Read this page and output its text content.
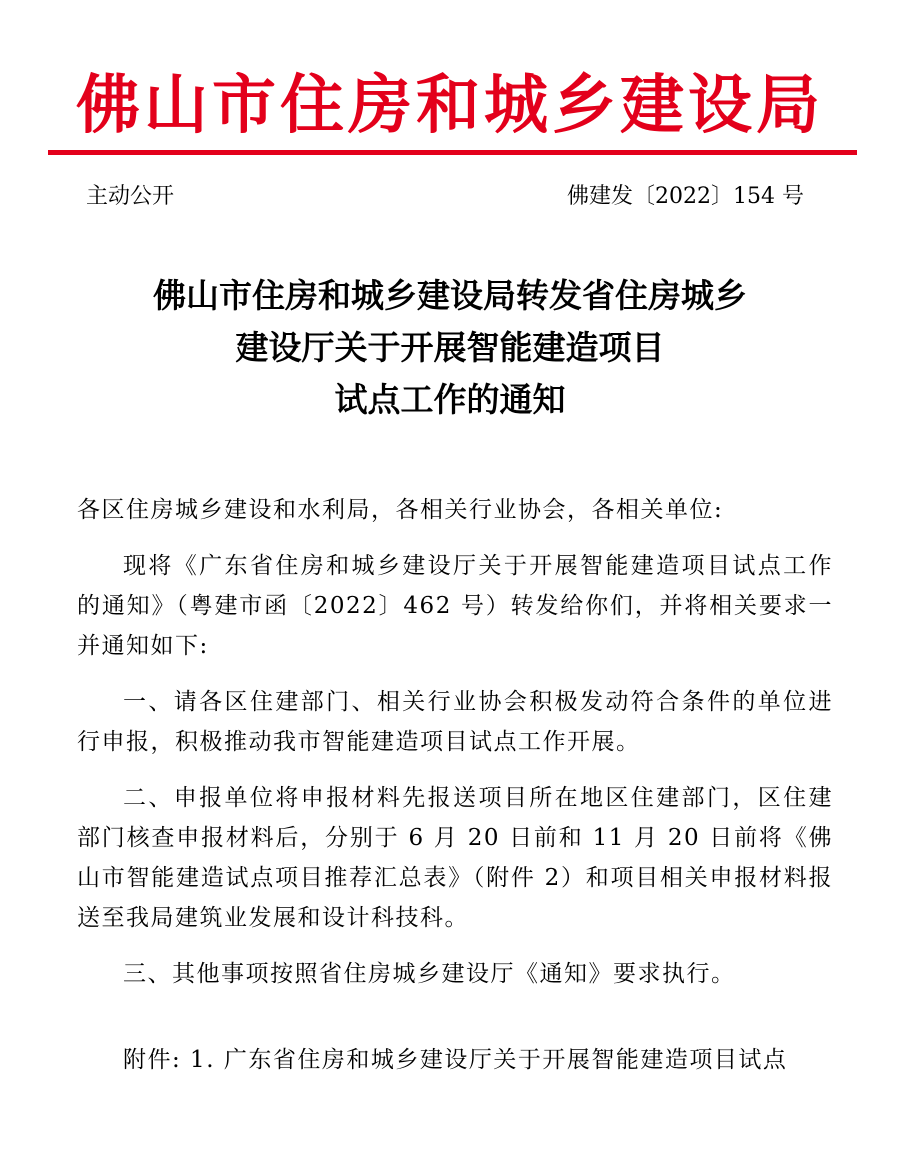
佛山市住房和城乡建设局
主动公开	佛建发〔2022〕154 号
佛山市住房和城乡建设局转发省住房城乡
建设厅关于开展智能建造项目
试点工作的通知

各区住房城乡建设和水利局，各相关行业协会，各相关单位:

现将《广东省住房和城乡建设厅关于开展智能建造项目试点工作的通知》（粤建市函〔2022〕462 号）转发给你们，并将相关要求一并通知如下:

一、请各区住建部门、相关行业协会积极发动符合条件的单位进行申报，积极推动我市智能建造项目试点工作开展。

二、申报单位将申报材料先报送项目所在地区住建部门，区住建部门核查申报材料后，分别于 6 月 20 日前和 11 月 20 日前将《佛山市智能建造试点项目推荐汇总表》（附件 2）和项目相关申报材料报送至我局建筑业发展和设计科技科。

三、其他事项按照省住房城乡建设厅《通知》要求执行。

附件: 1. 广东省住房和城乡建设厅关于开展智能建造项目试点
